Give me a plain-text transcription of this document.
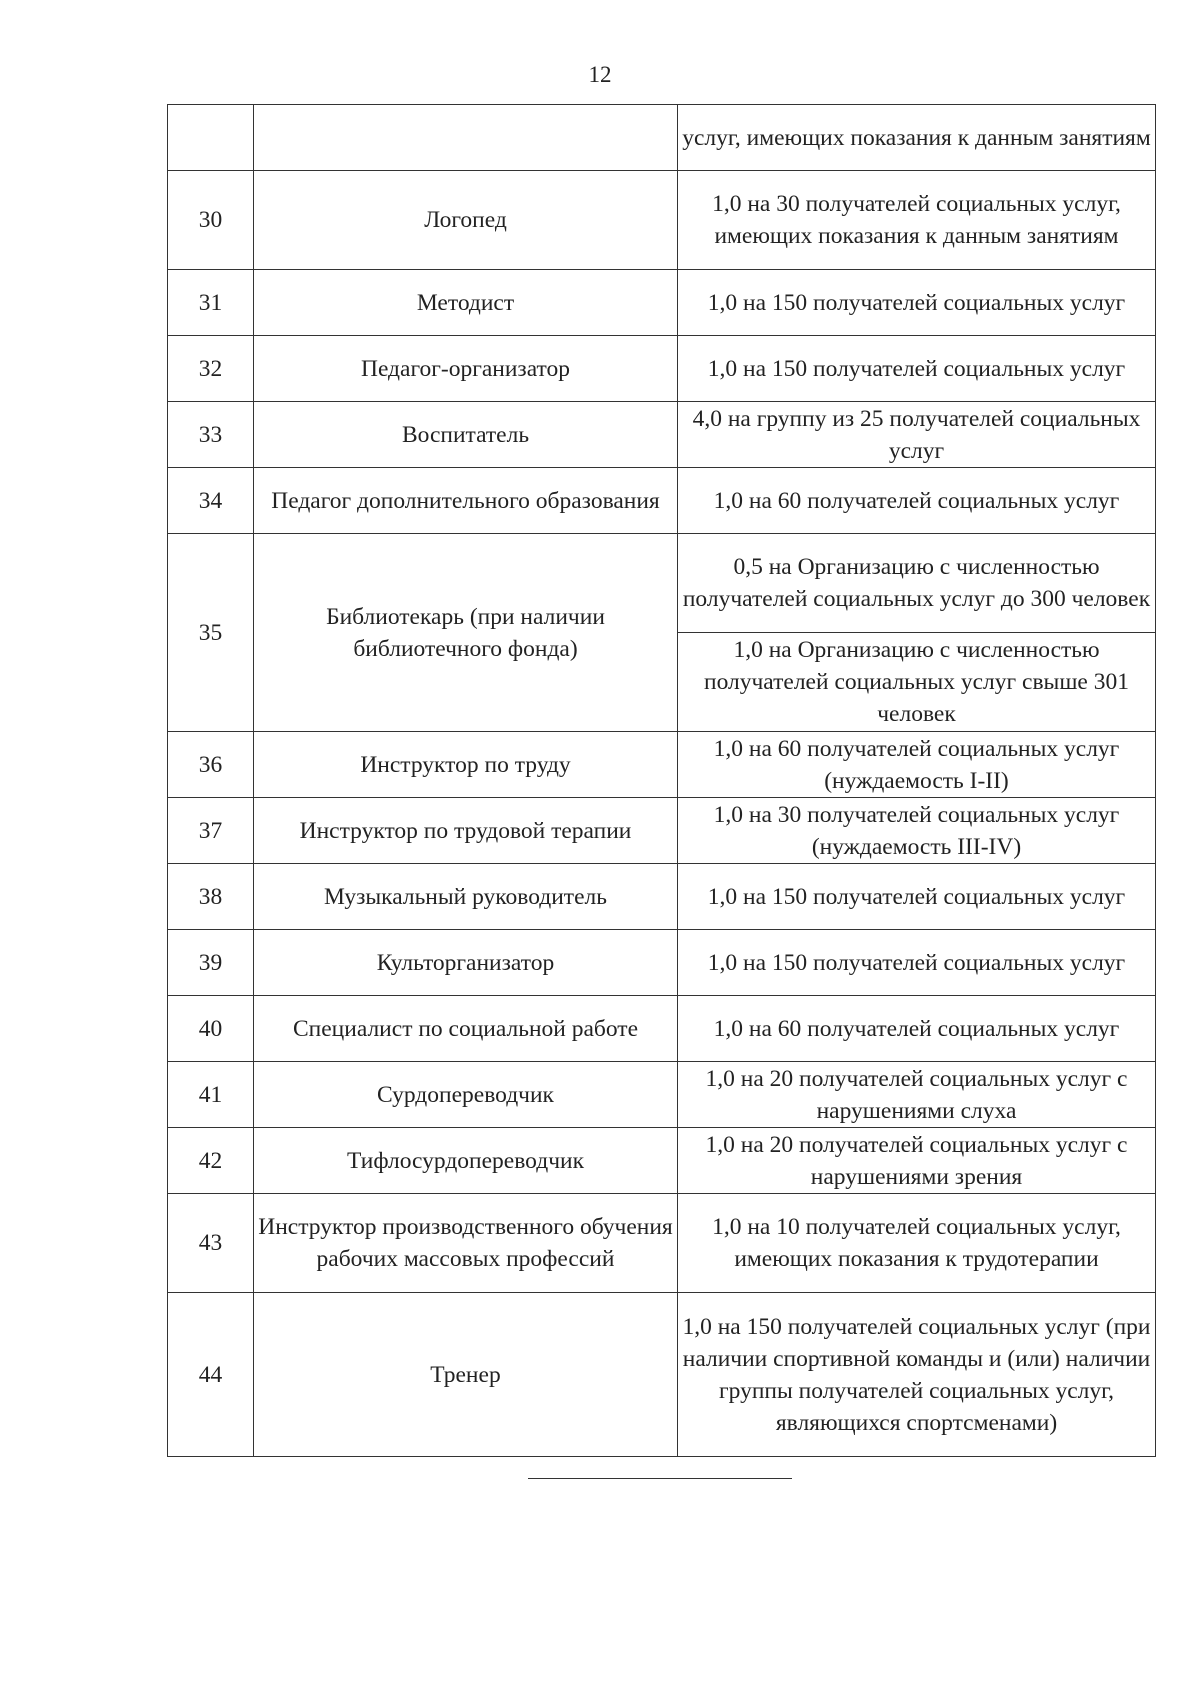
12
		услуг, имеющих показания к данным занятиям
30	Логопед	1,0 на 30 получателей социальных услуг, имеющих показания к данным занятиям
31	Методист	1,0 на 150 получателей социальных услуг
32	Педагог-организатор	1,0 на 150 получателей социальных услуг
33	Воспитатель	4,0 на группу из 25 получателей социальных услуг
34	Педагог дополнительного образования	1,0 на 60 получателей социальных услуг
35	Библиотекарь (при наличии библиотечного фонда)	0,5 на Организацию с численностью получателей социальных услуг до 300 человек
		1,0 на Организацию с численностью получателей социальных услуг свыше 301 человек
36	Инструктор по труду	1,0 на 60 получателей социальных услуг (нуждаемость I-II)
37	Инструктор по трудовой терапии	1,0 на 30 получателей социальных услуг (нуждаемость III-IV)
38	Музыкальный руководитель	1,0 на 150 получателей социальных услуг
39	Культорганизатор	1,0 на 150 получателей социальных услуг
40	Специалист по социальной работе	1,0 на 60 получателей социальных услуг
41	Сурдопереводчик	1,0 на 20 получателей социальных услуг с нарушениями слуха
42	Тифлосурдопереводчик	1,0 на 20 получателей социальных услуг с нарушениями зрения
43	Инструктор производственного обучения рабочих массовых профессий	1,0 на 10 получателей социальных услуг, имеющих показания к трудотерапии
44	Тренер	1,0 на 150 получателей социальных услуг (при наличии спортивной команды и (или) наличии группы получателей социальных услуг, являющихся спортсменами)
